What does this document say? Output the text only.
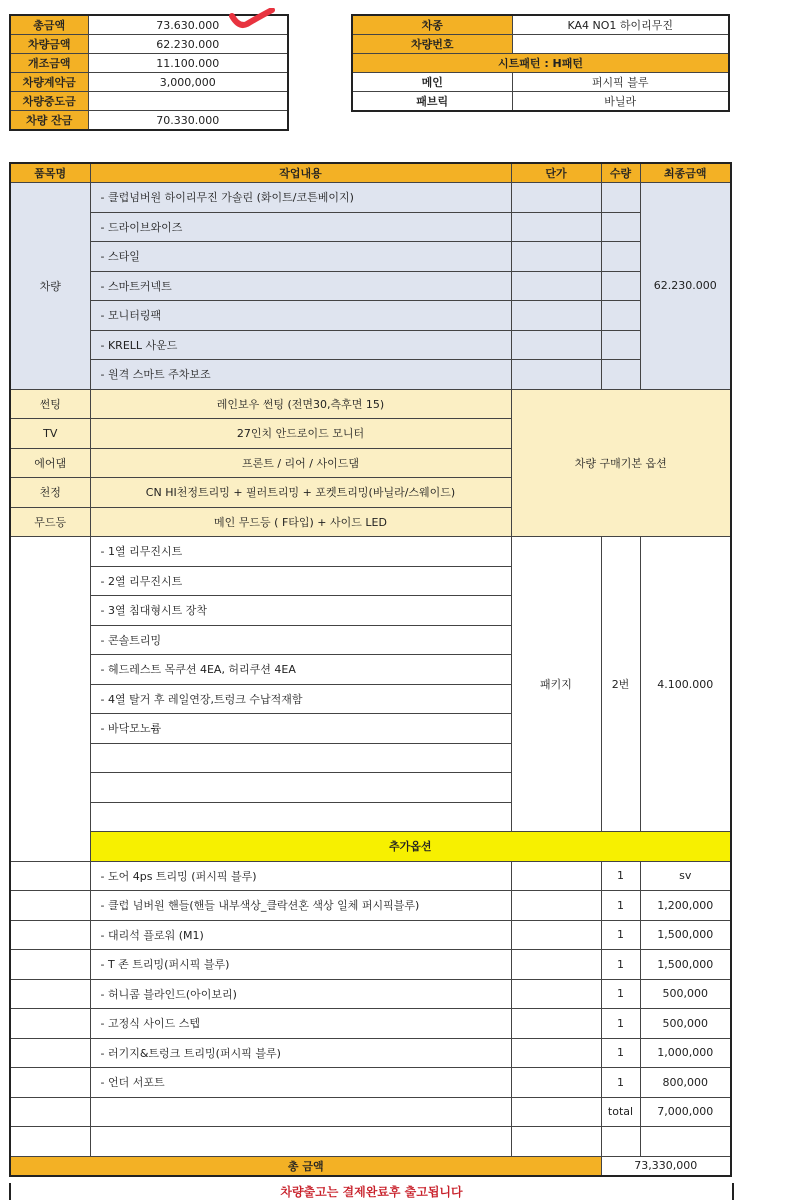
총금액	73.630.000
차량금액	62.230.000
개조금액	11.100.000
차량계약금	3,000,000
차량중도금	
차량 잔금	70.330.000
차종	KA4 NO1 하이리무진
차량번호	
시트패턴 : H패턴	
메인	퍼시픽 블루
패브릭	바닐라
품목명	작업내용	단가	수량	최종금액
차량	- 클럽넘버원 하이리무진 가솔린 (화이트/코튼베이지)			62.230.000
	- 드라이브와이즈			
	- 스타일			
	- 스마트커넥트			
	- 모니터링팩			
	- KRELL 사운드			
	- 원격 스마트 주차보조			
썬팅	레인보우 썬팅 (전면30,측후면 15)	차량 구매기본 옵션		
TV	27인치 안드로이드 모니터			
에어댐	프론트 / 리어 / 사이드댐			
천정	CN HI천정트리밍 + 필러트리밍 + 포켓트리밍(바닐라/스웨이드)			
무드등	메인 무드등 ( F타입) + 사이드 LED			
	- 1열 리무진시트	패키지	2번	4.100.000
	- 2열 리무진시트			
	- 3열 침대형시트 장착			
	- 콘솔트리밍			
	- 헤드레스트 목쿠션 4EA, 허리쿠션 4EA			
	- 4열 탈거 후 레일연장,트렁크 수납적재함			
	- 바닥모노륨			

	추가옵션			
	- 도어 4ps 트리밍 (퍼시픽 블루)		1	sv
	- 클럽 넘버원 핸들(핸들 내부색상_클락션혼 색상 일체 퍼시픽블루)		1	1,200,000
	- 대리석 플로워 (M1)		1	1,500,000
	- T 존 트리밍(퍼시픽 블루)		1	1,500,000
	- 허니콤 블라인드(아이보리)		1	500,000
	- 고정식 사이드 스텝		1	500,000
	- 러기지&트렁크 트리밍(퍼시픽 블루)		1	1,000,000
	- 언더 서포트		1	800,000
			total	7,000,000

총 금액			73,330,000	
차량출고는 결제완료후 출고됩니다
